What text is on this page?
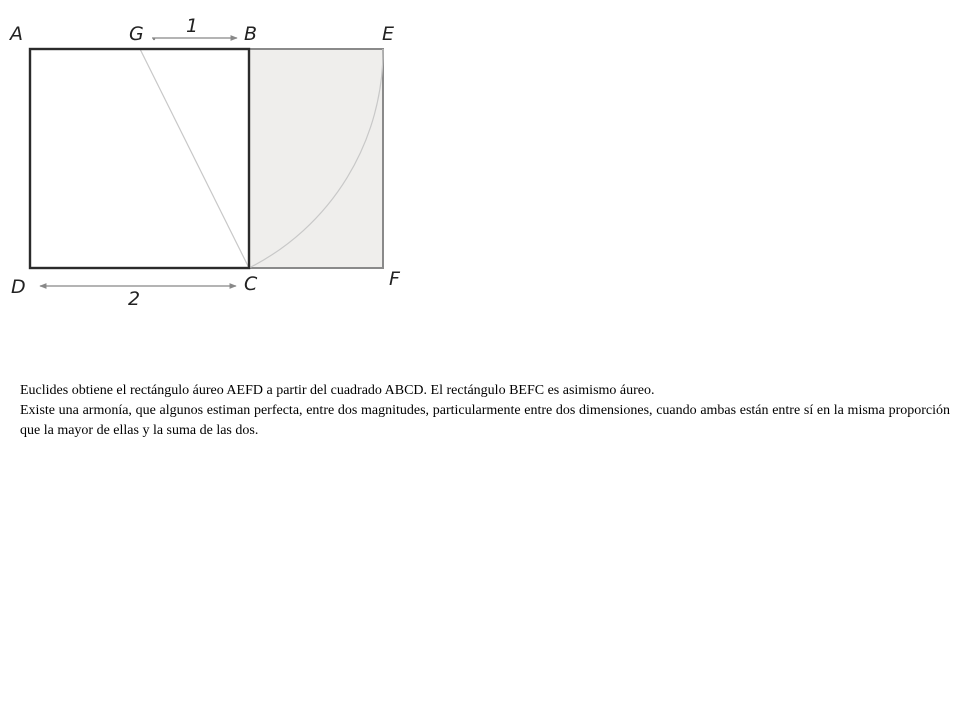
A	G	B	E
D	C	F
1
2

Euclides obtiene el rectángulo áureo AEFD a partir del cuadrado ABCD. El rectángulo BEFC es asimismo áureo.

Existe una armonía, que algunos estiman perfecta, entre dos magnitudes, particularmente entre dos dimensiones, cuando ambas están entre sí en la misma proporción que la mayor de ellas y la suma de las dos.
